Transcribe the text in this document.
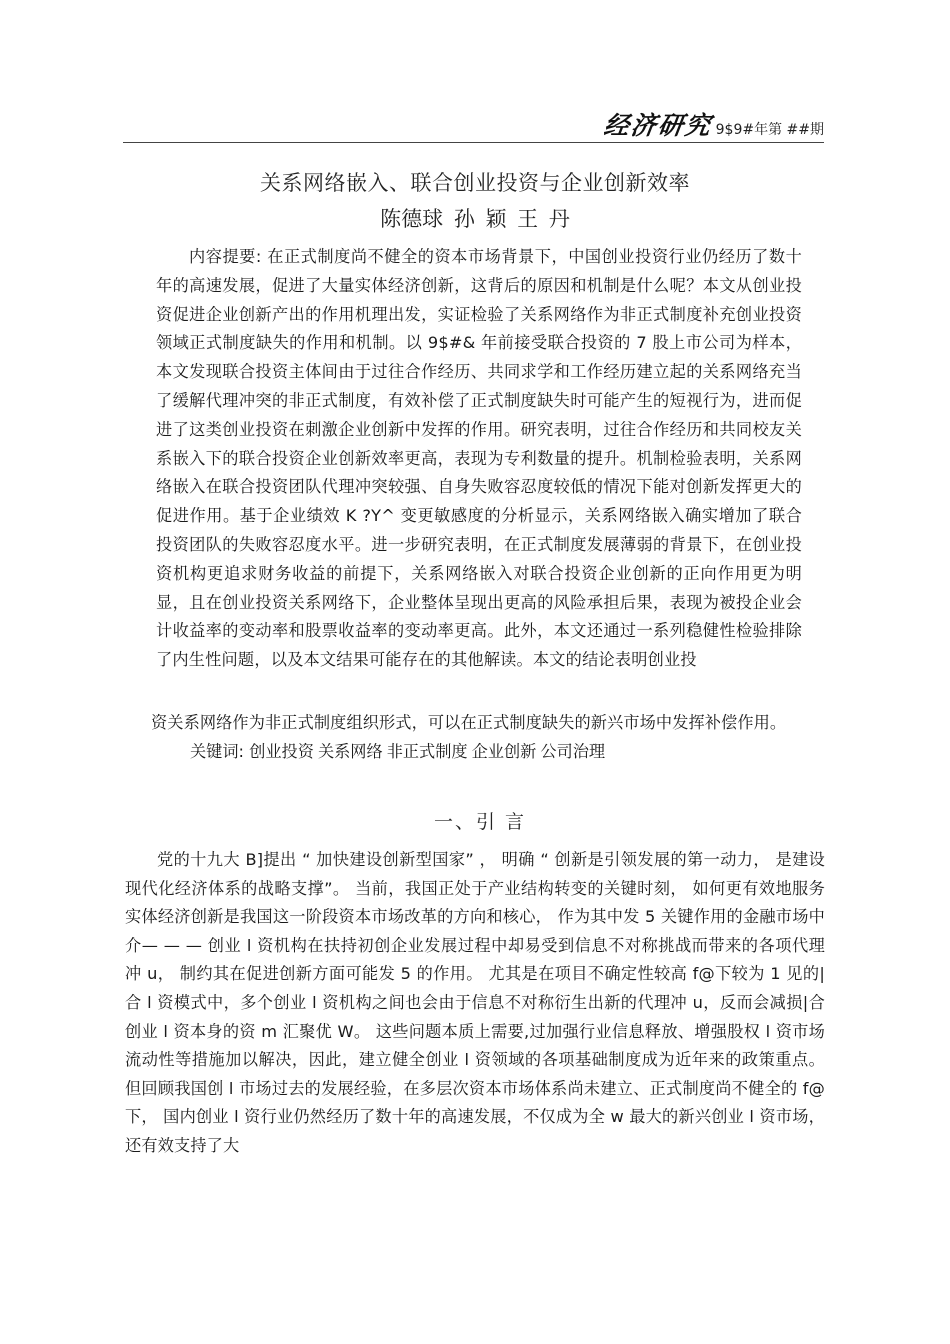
经济研究 9$9#年第 ##期
关系网络嵌入、联合创业投资与企业创新效率
陈德球 孙 颖 王 丹

内容提要: 在正式制度尚不健全的资本市场背景下，中国创业投资行业仍经历了数十年的高速发展，促进了大量实体经济创新，这背后的原因和机制是什么呢？本文从创业投资促进企业创新产出的作用机理出发，实证检验了关系网络作为非正式制度补充创业投资领域正式制度缺失的作用和机制。以 9$#& 年前接受联合投资的 7 股上市公司为样本，本文发现联合投资主体间由于过往合作经历、共同求学和工作经历建立起的关系网络充当了缓解代理冲突的非正式制度，有效补偿了正式制度缺失时可能产生的短视行为，进而促进了这类创业投资在刺激企业创新中发挥的作用。研究表明，过往合作经历和共同校友关系嵌入下的联合投资企业创新效率更高，表现为专利数量的提升。机制检验表明，关系网络嵌入在联合投资团队代理冲突较强、自身失败容忍度较低的情况下能对创新发挥更大的促进作用。基于企业绩效 K ?Y^ 变更敏感度的分析显示，关系网络嵌入确实增加了联合投资团队的失败容忍度水平。进一步研究表明，在正式制度发展薄弱的背景下，在创业投资机构更追求财务收益的前提下，关系网络嵌入对联合投资企业创新的正向作用更为明显，且在创业投资关系网络下，企业整体呈现出更高的风险承担后果，表现为被投企业会计收益率的变动率和股票收益率的变动率更高。此外，本文还通过一系列稳健性检验排除了内生性问题，以及本文结果可能存在的其他解读。本文的结论表明创业投

资关系网络作为非正式制度组织形式，可以在正式制度缺失的新兴市场中发挥补偿作用。

关键词: 创业投资 关系网络 非正式制度 企业创新 公司治理

一、引 言

党的十九大 B]提出 “ 加快建设创新型国家” ， 明确 “ 创新是引领发展的第一动力， 是建设现代化经济体系的战略支撑”。 当前，我国正处于产业结构转变的关键时刻， 如何更有效地服务实体经济创新是我国这一阶段资本市场改革的方向和核心， 作为其中发 5 关键作用的金融市场中介— — — 创业 l 资机构在扶持初创企业发展过程中却易受到信息不对称挑战而带来的各项代理冲 u， 制约其在促进创新方面可能发 5 的作用。 尤其是在项目不确定性较高 f@下较为 1 见的|合 l 资模式中，多个创业 l 资机构之间也会由于信息不对称衍生出新的代理冲 u，反而会减损|合创业 l 资本身的资 m 汇聚优 W。 这些问题本质上需要,过加强行业信息释放、增强股权 l 资市场流动性等措施加以解决，因此，建立健全创业 l 资领域的各项基础制度成为近年来的政策重点。 但回顾我国创 l 市场过去的发展经验，在多层次资本市场体系尚未建立、正式制度尚不健全的 f@下， 国内创业 l 资行业仍然经历了数十年的高速发展，不仅成为全 w 最大的新兴创业 l 资市场，还有效支持了大
